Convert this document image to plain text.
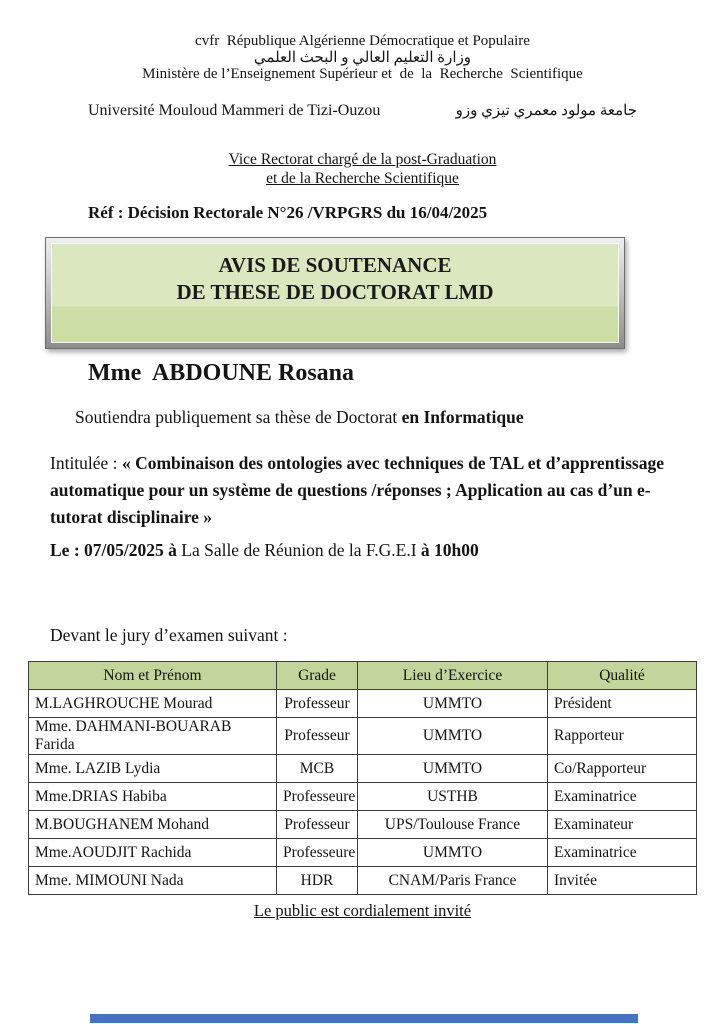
cvfr  République Algérienne Démocratique et Populaire
وزارة التعليم العالي و البحث العلمي
Ministère de l’Enseignement Supérieur et  de  la  Recherche  Scientifique
Université Mouloud Mammeri de Tizi-Ouzou	جامعة مولود معمري تيزي وزو
Vice Rectorat chargé de la post-Graduation
et de la Recherche Scientifique
Réf : Décision Rectorale N°26 /VRPGRS du 16/04/2025
AVIS DE SOUTENANCE
DE THESE DE DOCTORAT LMD
Mme  ABDOUNE Rosana
Soutiendra publiquement sa thèse de Doctorat en Informatique
Intitulée : « Combinaison des ontologies avec techniques de TAL et d’apprentissage automatique pour un système de questions /réponses ; Application au cas d’un e-tutorat disciplinaire »
Le : 07/05/2025 à La Salle de Réunion de la F.G.E.I à 10h00
Devant le jury d’examen suivant :
Nom et Prénom	Grade	Lieu d’Exercice	Qualité
M.LAGHROUCHE Mourad	Professeur	UMMTO	Président
Mme. DAHMANI-BOUARAB Farida	Professeur	UMMTO	Rapporteur
Mme. LAZIB Lydia	MCB	UMMTO	Co/Rapporteur
Mme.DRIAS Habiba	Professeure	USTHB	Examinatrice
M.BOUGHANEM Mohand	Professeur	UPS/Toulouse France	Examinateur
Mme.AOUDJIT Rachida	Professeure	UMMTO	Examinatrice
Mme. MIMOUNI Nada	HDR	CNAM/Paris France	Invitée
Le public est cordialement invité
